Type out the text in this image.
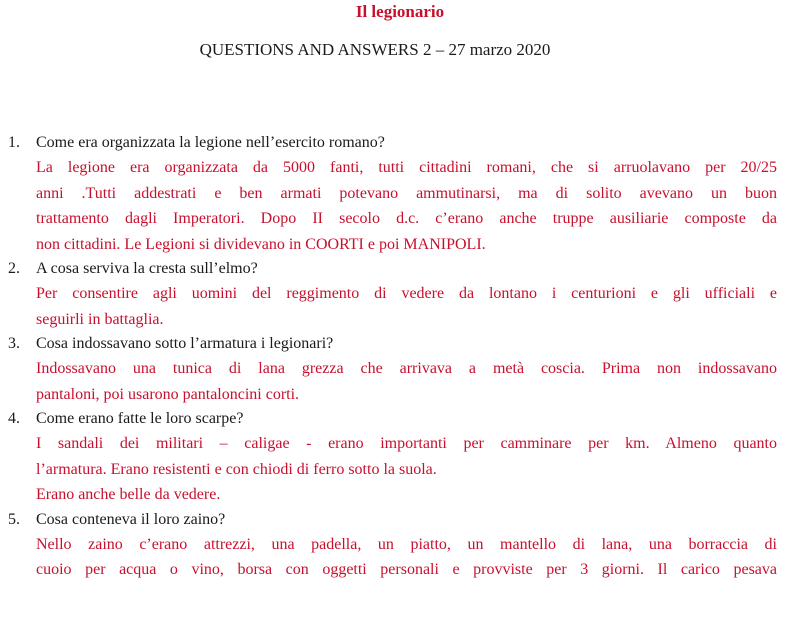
Il legionario
QUESTIONS AND ANSWERS 2 – 27 marzo 2020
1.	Come era organizzata la legione nell’esercito romano?
La legione era organizzata da 5000 fanti, tutti cittadini romani, che si arruolavano per 20/25
anni .Tutti addestrati e ben armati potevano ammutinarsi, ma di solito avevano un buon
trattamento dagli Imperatori. Dopo II secolo d.c. c’erano anche truppe ausiliarie composte da
non cittadini. Le Legioni si dividevano in COORTI e poi MANIPOLI.
2.	A cosa serviva la cresta sull’elmo?
Per consentire agli uomini del reggimento di vedere da lontano i centurioni e gli ufficiali e
seguirli in battaglia.
3.	Cosa indossavano sotto l’armatura i legionari?
Indossavano una tunica di lana grezza che arrivava a metà coscia. Prima non indossavano
pantaloni, poi usarono pantaloncini corti.
4.	Come erano fatte le loro scarpe?
I sandali dei militari – caligae - erano importanti per camminare per km. Almeno quanto
l’armatura. Erano resistenti e con chiodi di ferro sotto la suola.
Erano anche belle da vedere.
5.	Cosa conteneva il loro zaino?
Nello zaino c’erano attrezzi, una padella, un piatto, un mantello di lana, una borraccia di
cuoio per acqua o vino, borsa con oggetti personali e provviste per 3 giorni. Il carico pesava
